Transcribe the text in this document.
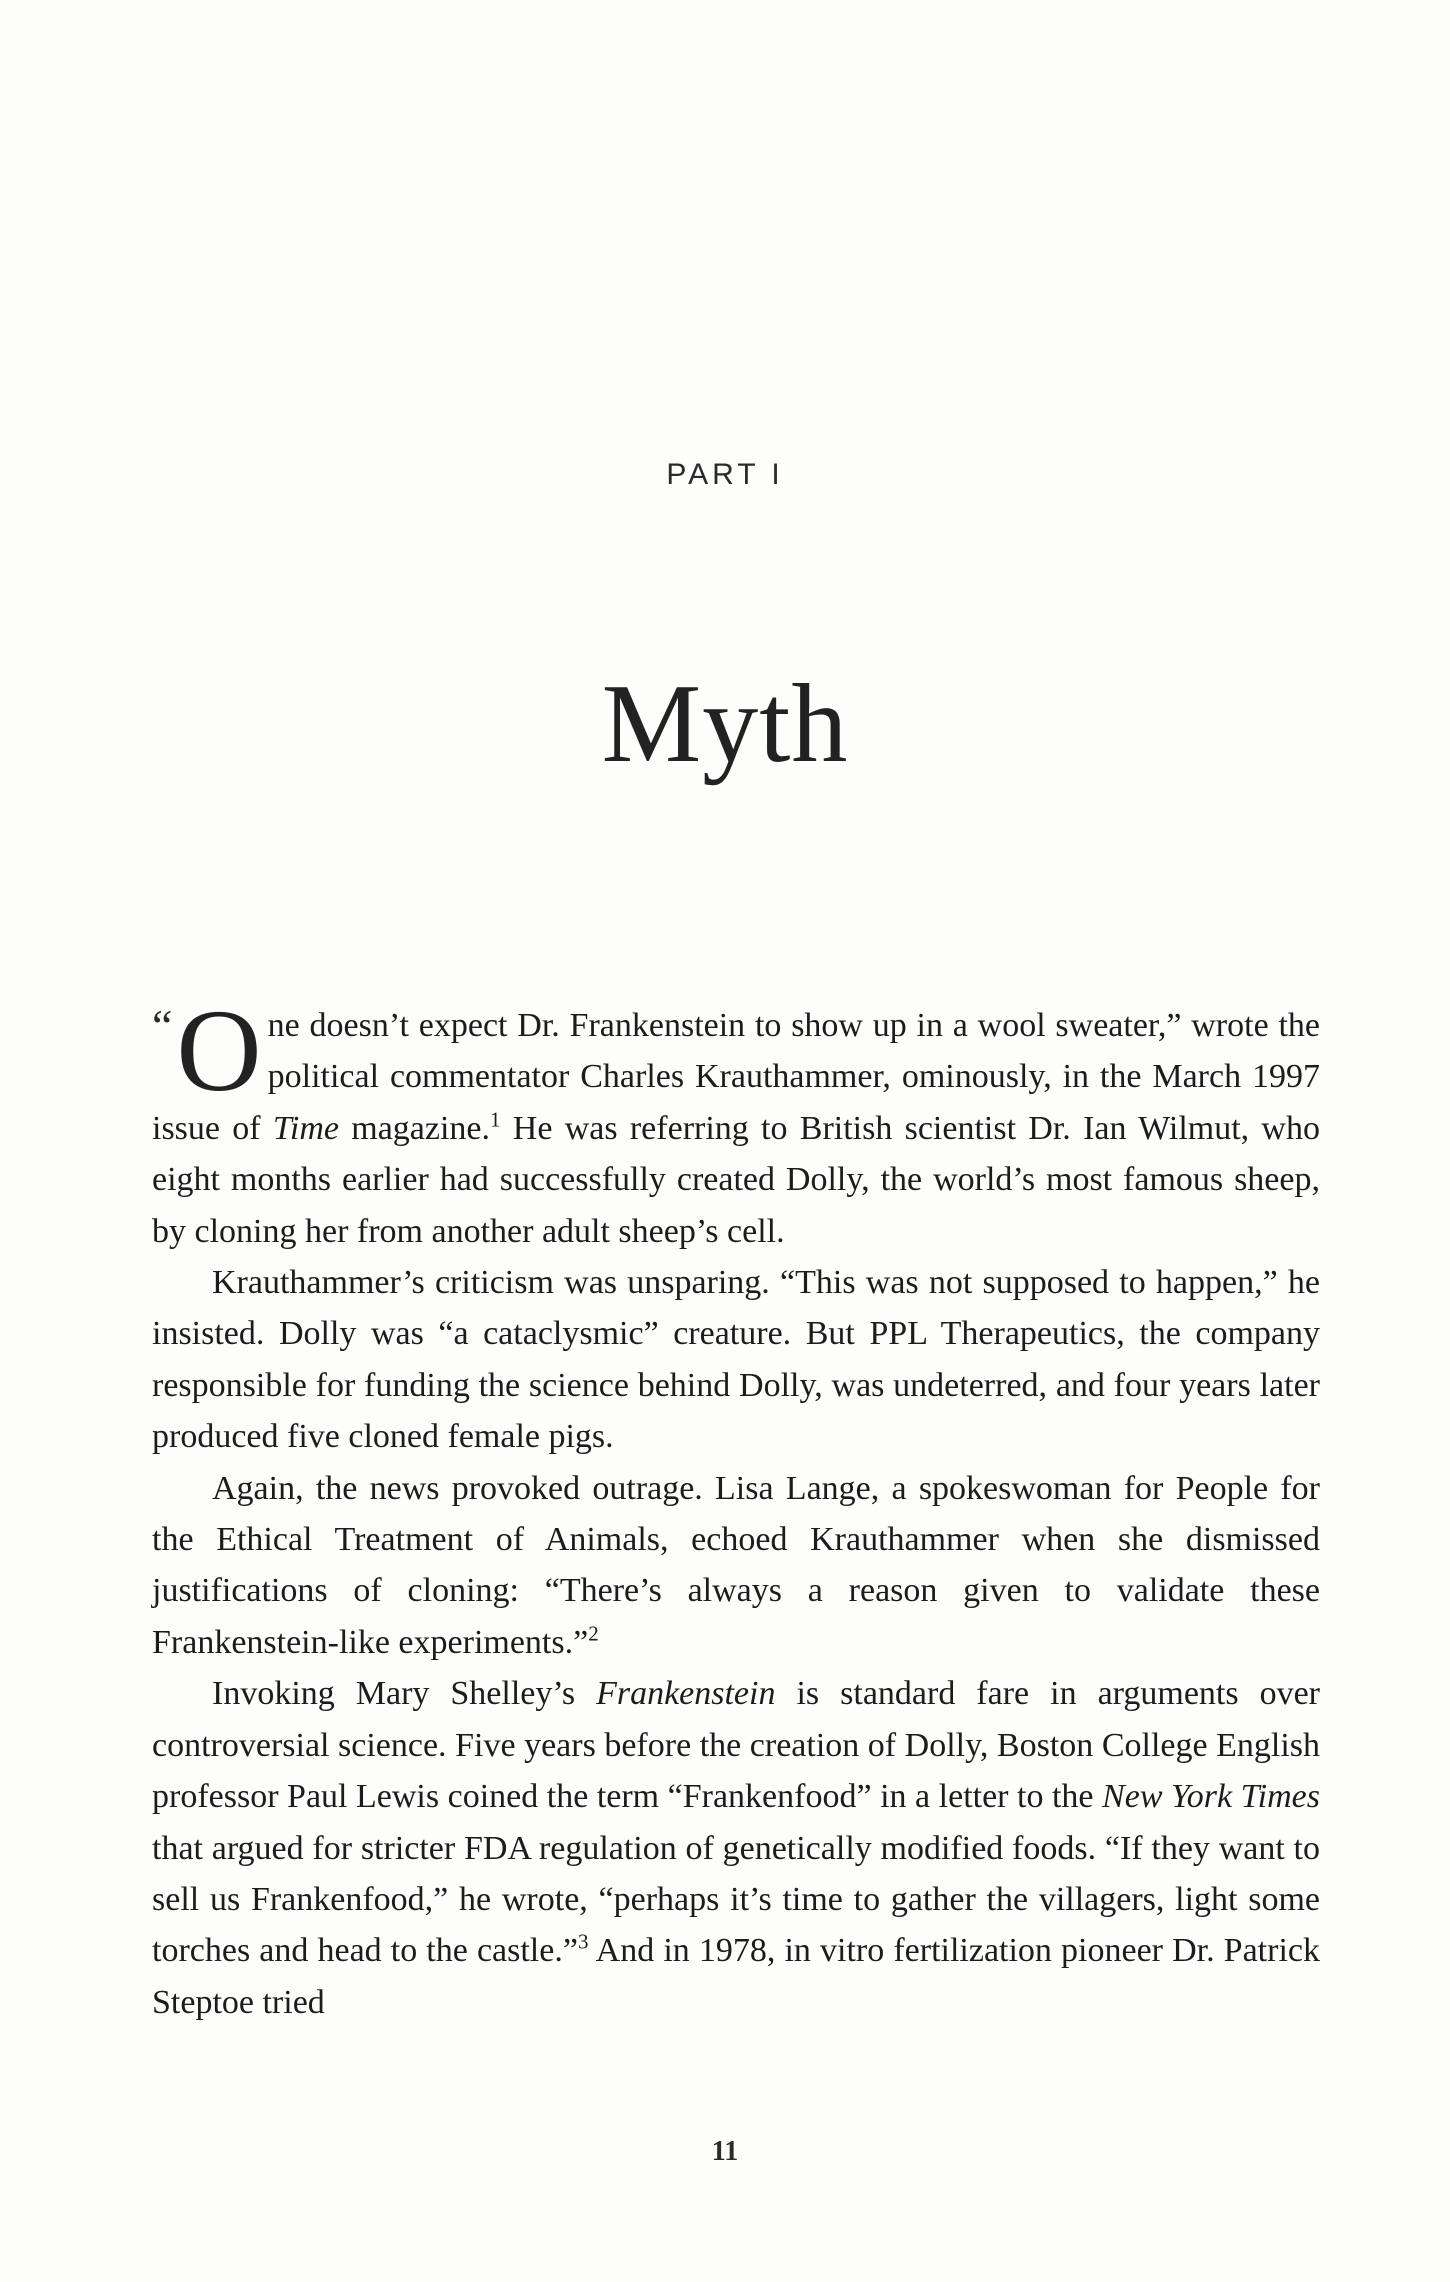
PART I
Myth

“ O ne doesn’t expect Dr. Frankenstein to show up in a wool sweater,” wrote the political commentator Charles Krauthammer, ominously, in the March 1997 issue of Time magazine.$^1$ He was referring to British scientist Dr. Ian Wilmut, who eight months earlier had successfully created Dolly, the world’s most famous sheep, by cloning her from another adult sheep’s cell.

Krauthammer’s criticism was unsparing. “This was not supposed to happen,” he insisted. Dolly was “a cataclysmic” creature. But PPL Therapeutics, the company responsible for funding the science behind Dolly, was undeterred, and four years later produced five cloned female pigs.

Again, the news provoked outrage. Lisa Lange, a spokeswoman for People for the Ethical Treatment of Animals, echoed Krauthammer when she dismissed justifications of cloning: “There’s always a reason given to validate these Frankenstein-like experiments.”$^2$

Invoking Mary Shelley’s Frankenstein is standard fare in arguments over controversial science. Five years before the creation of Dolly, Boston College English professor Paul Lewis coined the term “Frankenfood” in a letter to the New York Times that argued for stricter FDA regulation of genetically modified foods. “If they want to sell us Frankenfood,” he wrote, “perhaps it’s time to gather the villagers, light some torches and head to the castle.”$^3$ And in 1978, in vitro fertilization pioneer Dr. Patrick Steptoe tried

11
